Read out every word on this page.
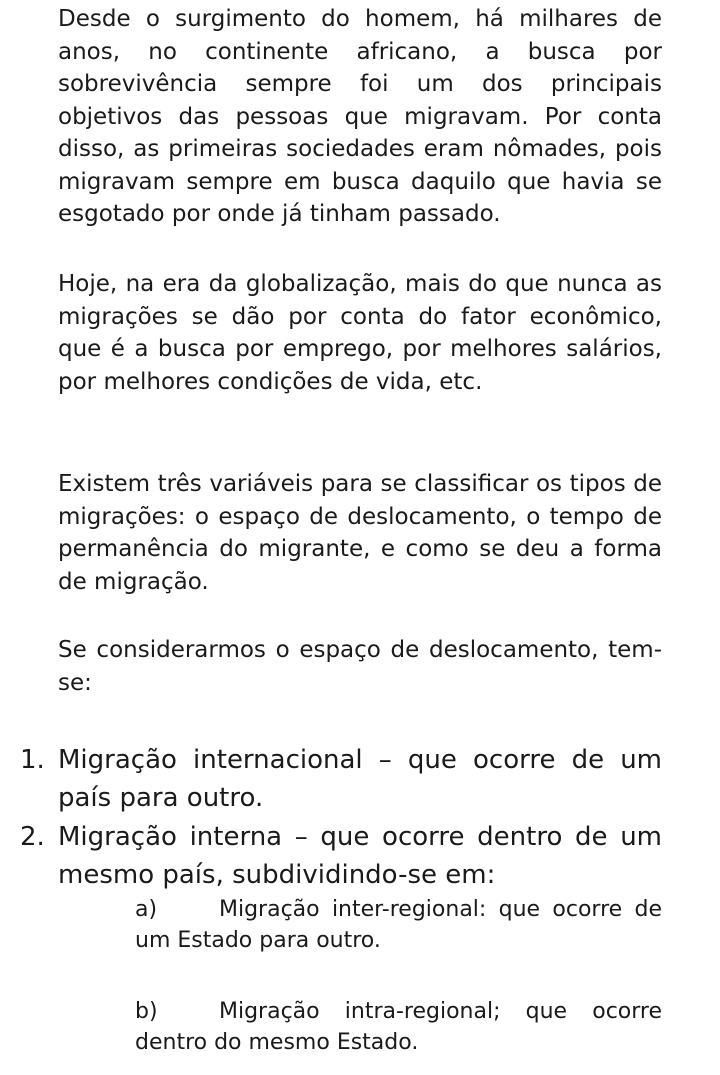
Desde o surgimento do homem, há milhares de anos, no continente africano, a busca por sobrevivência sempre foi um dos principais objetivos das pessoas que migravam. Por conta disso, as primeiras sociedades eram nômades, pois migravam sempre em busca daquilo que havia se esgotado por onde já tinham passado.

Hoje, na era da globalização, mais do que nunca as migrações se dão por conta do fator econômico, que é a busca por emprego, por melhores salários, por melhores condições de vida, etc.

Existem três variáveis para se classificar os tipos de migrações: o espaço de deslocamento, o tempo de permanência do migrante, e como se deu a forma de migração.

Se considerarmos o espaço de deslocamento, tem-se:

1. Migração internacional – que ocorre de um país para outro.

2. Migração interna – que ocorre dentro de um mesmo país, subdividindo-se em:

a)	Migração inter-regional: que ocorre de um Estado para outro.

b)	Migração intra-regional; que ocorre dentro do mesmo Estado.
